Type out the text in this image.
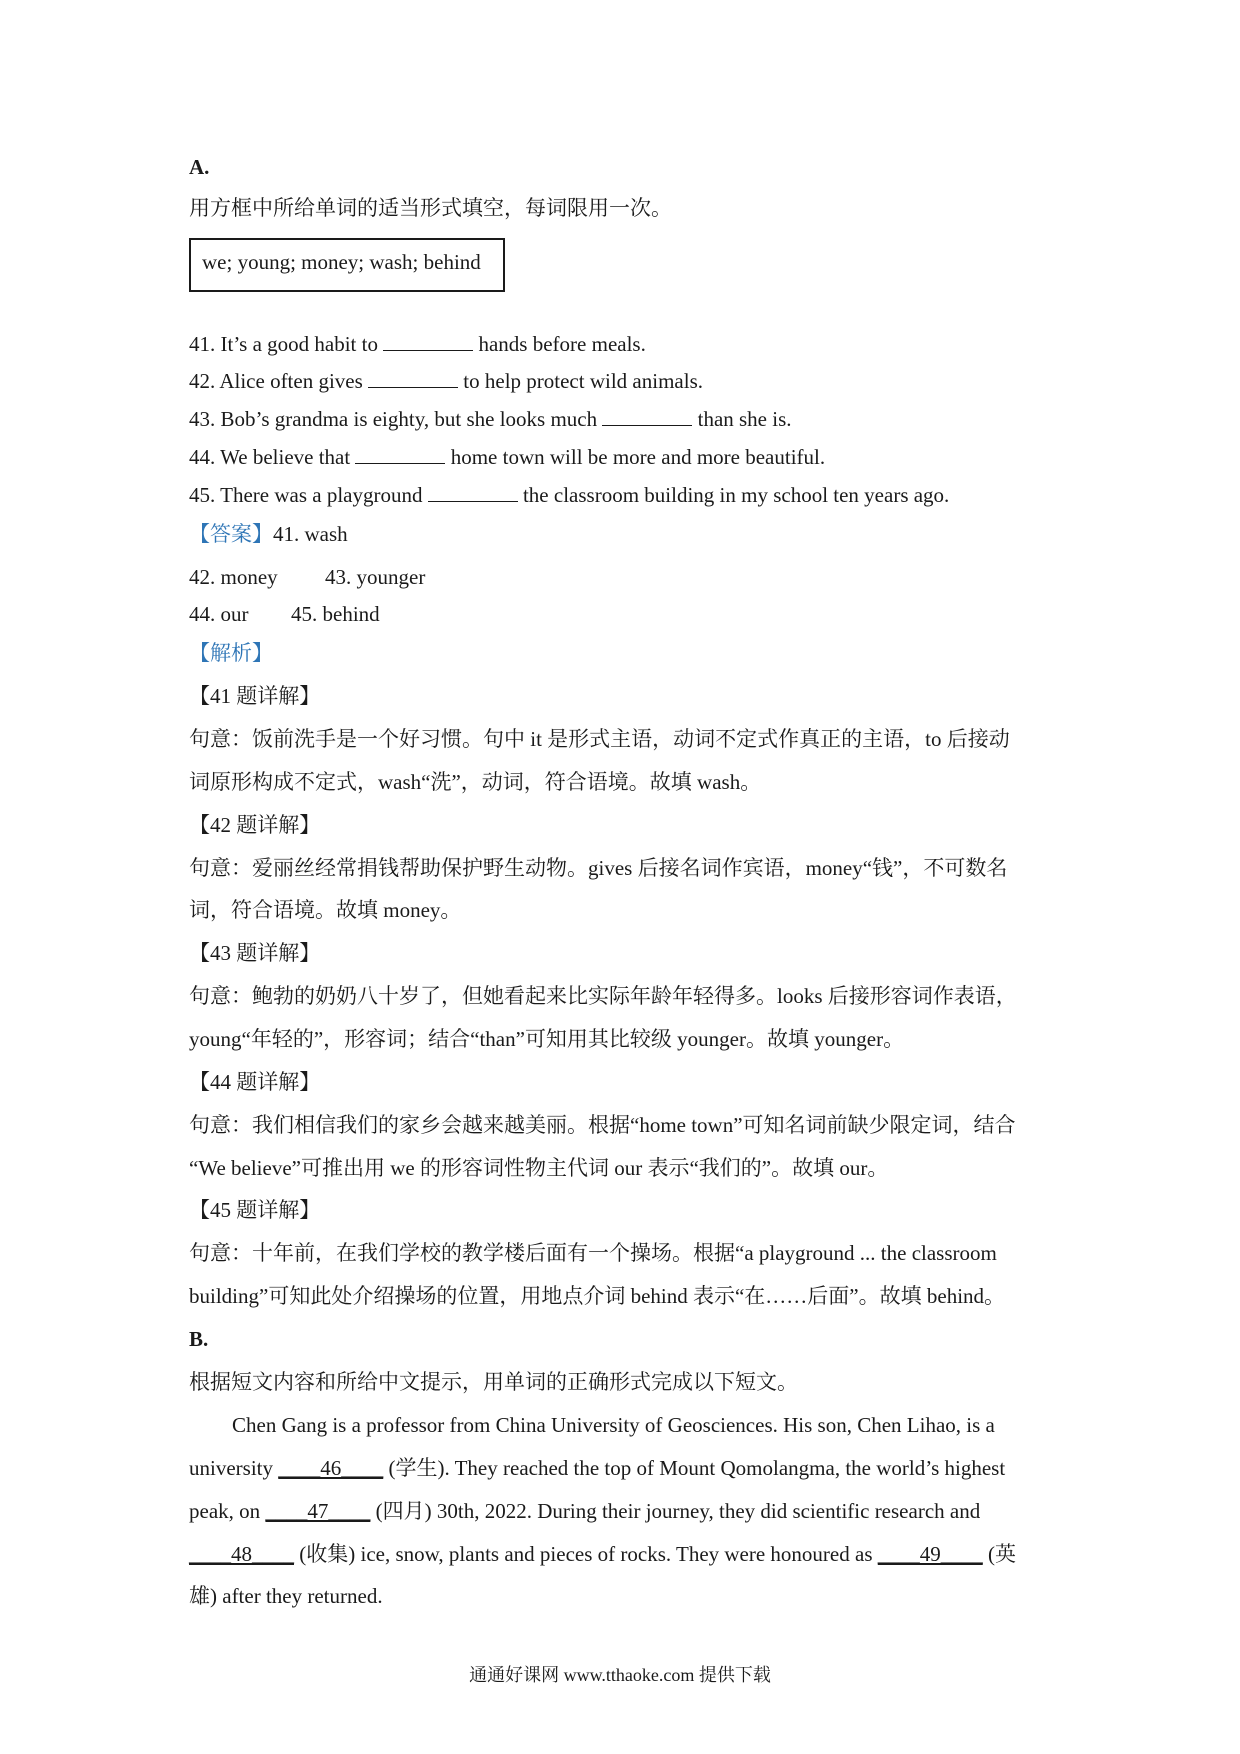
A.
用方框中所给单词的适当形式填空，每词限用一次。
we; young; money; wash; behind
41. It’s a good habit to	hands before meals.
42. Alice often gives	to help protect wild animals.
43. Bob’s grandma is eighty, but she looks much	than she is.
44. We believe that	home town will be more and more beautiful.
45. There was a playground	the classroom building in my school ten years ago.
【答案】41. wash
42. money 43. younger
44. our 45. behind
【解析】
【41 题详解】
句意：饭前洗手是一个好习惯。句中 it 是形式主语，动词不定式作真正的主语，to 后接动
词原形构成不定式，wash“洗”，动词，符合语境。故填 wash。
【42 题详解】
句意：爱丽丝经常捐钱帮助保护野生动物。gives 后接名词作宾语，money“钱”，不可数名
词，符合语境。故填 money。
【43 题详解】
句意：鲍勃的奶奶八十岁了，但她看起来比实际年龄年轻得多。looks 后接形容词作表语，
young“年轻的”，形容词；结合“than”可知用其比较级 younger。故填 younger。
【44 题详解】
句意：我们相信我们的家乡会越来越美丽。根据“home town”可知名词前缺少限定词，结合
“We believe”可推出用 we 的形容词性物主代词 our 表示“我们的”。故填 our。
【45 题详解】
句意：十年前，在我们学校的教学楼后面有一个操场。根据“a playground ... the classroom
building”可知此处介绍操场的位置，用地点介词 behind 表示“在……后面”。故填 behind。
B.
根据短文内容和所给中文提示，用单词的正确形式完成以下短文。
Chen Gang is a professor from China University of Geosciences. His son, Chen Lihao, is a
university ____46____ (学生). They reached the top of Mount Qomolangma, the world’s highest
peak, on ____47____ (四月) 30th, 2022. During their journey, they did scientific research and
____48____ (收集) ice, snow, plants and pieces of rocks. They were honoured as ____49____ (英
雄) after they returned.
通通好课网 www.tthaoke.com 提供下载
